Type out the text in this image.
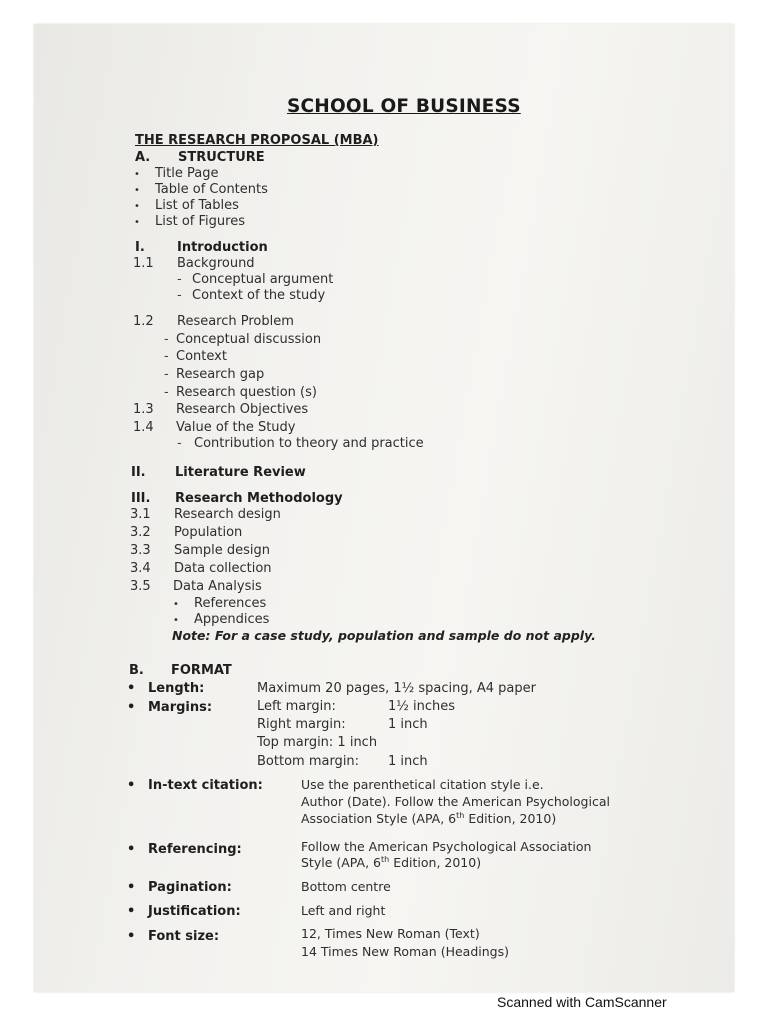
SCHOOL OF BUSINESS
THE RESEARCH PROPOSAL (MBA)
A. STRUCTURE
• Title Page
• Table of Contents
• List of Tables
• List of Figures
I. Introduction
1.1 Background
- Conceptual argument
- Context of the study
1.2 Research Problem
- Conceptual discussion
- Context
- Research gap
- Research question (s)
1.3 Research Objectives
1.4 Value of the Study
- Contribution to theory and practice
II. Literature Review
III. Research Methodology
3.1 Research design
3.2 Population
3.3 Sample design
3.4 Data collection
3.5 Data Analysis
• References
• Appendices
Note: For a case study, population and sample do not apply.
B. FORMAT
• Length:	Maximum 20 pages, 1½ spacing, A4 paper
• Margins:	Left margin:	1½ inches
Right margin:	1 inch
Top margin: 1 inch
Bottom margin: 1 inch
• In-text citation:	Use the parenthetical citation style i.e.
Author (Date). Follow the American Psychological
Association Style (APA, 6th Edition, 2010)
• Referencing:	Follow the American Psychological Association
Style (APA, 6th Edition, 2010)
• Pagination:	Bottom centre
• Justification:	Left and right
• Font size:	12, Times New Roman (Text)
14 Times New Roman (Headings)
Scanned with CamScanner
